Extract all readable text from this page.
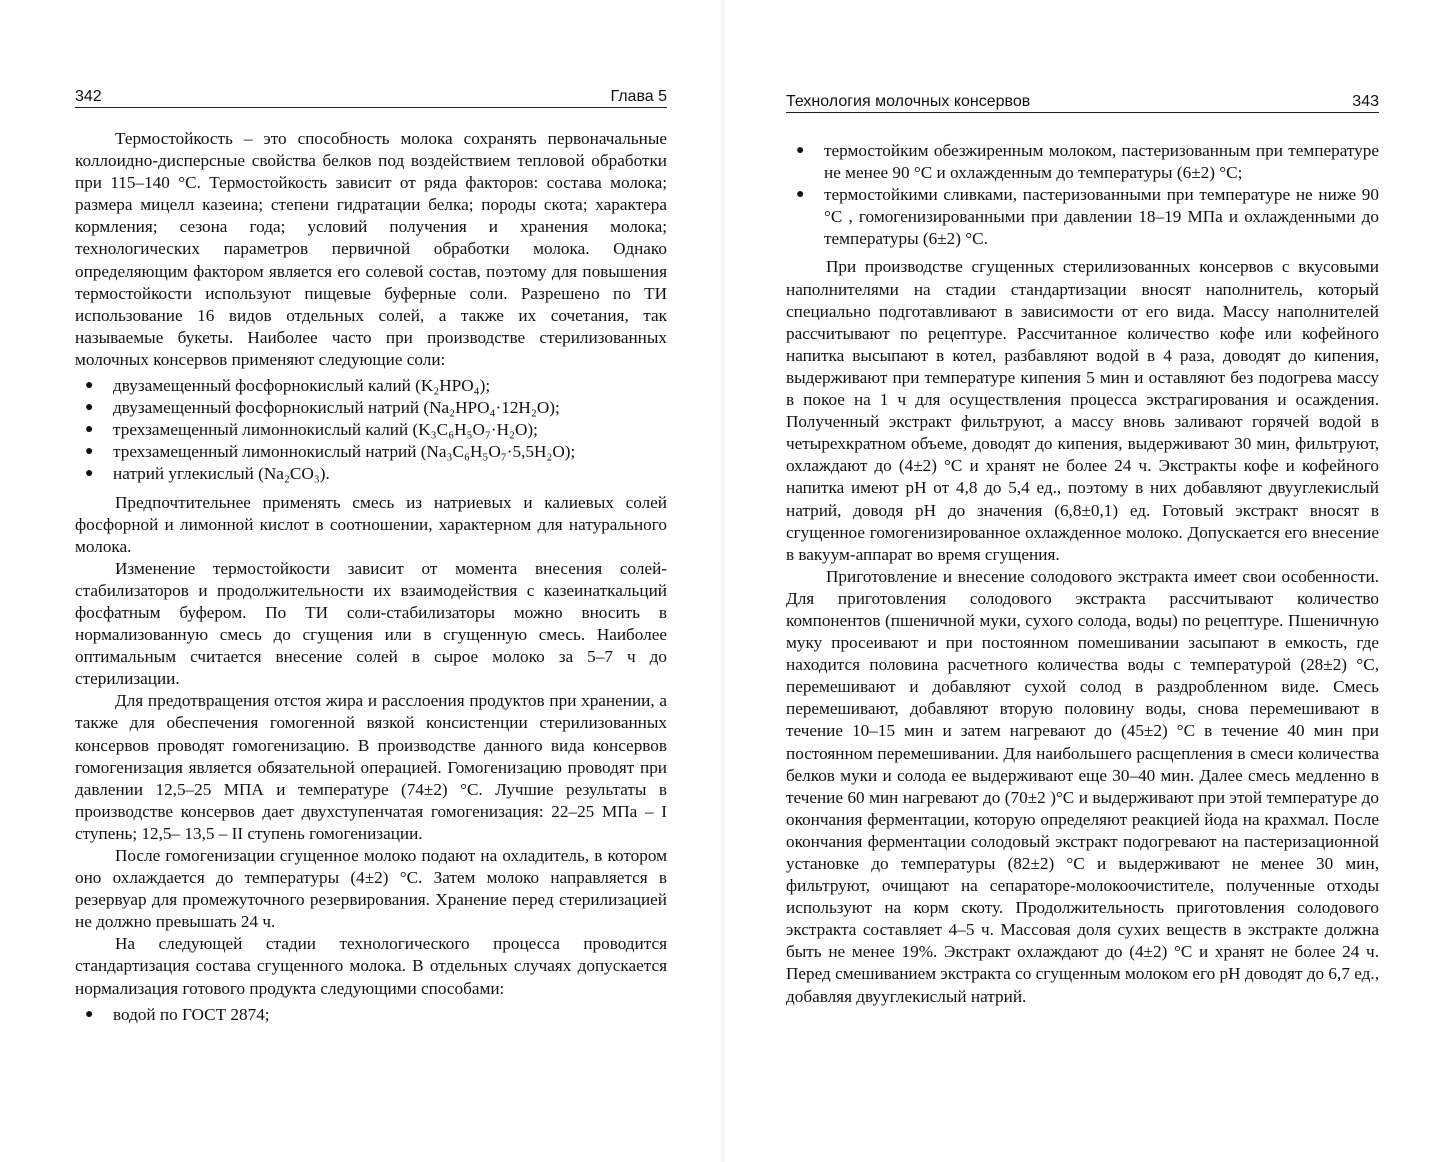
342	Глава 5

Термостойкость – это способность молока сохранять первоначальные коллоидно-дисперсные свойства белков под воздействием тепловой обработки при 115–140 °С. Термостойкость зависит от ряда факторов: состава молока; размера мицелл казеина; степени гидратации белка; породы скота; характера кормления; сезона года; условий получения и хранения молока; технологических параметров первичной обработки молока. Однако определяющим фактором является его солевой состав, поэтому для повышения термостойкости используют пищевые буферные соли. Разрешено по ТИ использование 16 видов отдельных солей, а также их сочетания, так называемые букеты. Наиболее часто при производстве стерилизованных молочных консервов применяют следующие соли:

● двузамещенный фосфорнокислый калий (K₂HPO₄);
● двузамещенный фосфорнокислый натрий (Na₂HPO₄·12H₂O);
● трехзамещенный лимоннокислый калий (K₃C₆H₅O₇·H₂O);
● трехзамещенный лимоннокислый натрий (Na₃C₆H₅O₇·5,5H₂O);
● натрий углекислый (Na₂CO₃).

Предпочтительнее применять смесь из натриевых и калиевых солей фосфорной и лимонной кислот в соотношении, характерном для натурального молока.

Изменение термостойкости зависит от момента внесения солей-стабилизаторов и продолжительности их взаимодействия с казеинаткальций фосфатным буфером. По ТИ соли-стабилизаторы можно вносить в нормализованную смесь до сгущения или в сгущенную смесь. Наиболее оптимальным считается внесение солей в сырое молоко за 5–7 ч до стерилизации.

Для предотвращения отстоя жира и расслоения продуктов при хранении, а также для обеспечения гомогенной вязкой консистенции стерилизованных консервов проводят гомогенизацию. В производстве данного вида консервов гомогенизация является обязательной операцией. Гомогенизацию проводят при давлении 12,5–25 МПА и температуре (74±2) °С. Лучшие результаты в производстве консервов дает двухступенчатая гомогенизация: 22–25 МПа – I ступень; 12,5– 13,5 – II ступень гомогенизации.

После гомогенизации сгущенное молоко подают на охладитель, в котором оно охлаждается до температуры (4±2) °С. Затем молоко направляется в резервуар для промежуточного резервирования. Хранение перед стерилизацией не должно превышать 24 ч.

На следующей стадии технологического процесса проводится стандартизация состава сгущенного молока. В отдельных случаях допускается нормализация готового продукта следующими способами:

● водой по ГОСТ 2874;
Технология молочных консервов	343
● термостойким обезжиренным молоком, пастеризованным при температуре не менее 90 °С и охлажденным до температуры (6±2) °С;
● термостойкими сливками, пастеризованными при температуре не ниже 90 °С , гомогенизированными при давлении 18–19 МПа и охлажденными до температуры (6±2) °С.

При производстве сгущенных стерилизованных консервов с вкусовыми наполнителями на стадии стандартизации вносят наполнитель, который специально подготавливают в зависимости от его вида. Массу наполнителей рассчитывают по рецептуре. Рассчитанное количество кофе или кофейного напитка высыпают в котел, разбавляют водой в 4 раза, доводят до кипения, выдерживают при температуре кипения 5 мин и оставляют без подогрева массу в покое на 1 ч для осуществления процесса экстрагирования и осаждения. Полученный экстракт фильтруют, а массу вновь заливают горячей водой в четырехкратном объеме, доводят до кипения, выдерживают 30 мин, фильтруют, охлаждают до (4±2) °С и хранят не более 24 ч. Экстракты кофе и кофейного напитка имеют pH от 4,8 до 5,4 ед., поэтому в них добавляют двууглекислый натрий, доводя pH до значения (6,8±0,1) ед. Готовый экстракт вносят в сгущенное гомогенизированное охлажденное молоко. Допускается его внесение в вакуум-аппарат во время сгущения.

Приготовление и внесение солодового экстракта имеет свои особенности. Для приготовления солодового экстракта рассчитывают количество компонентов (пшеничной муки, сухого солода, воды) по рецептуре. Пшеничную муку просеивают и при постоянном помешивании засыпают в емкость, где находится половина расчетного количества воды с температурой (28±2) °С, перемешивают и добавляют сухой солод в раздробленном виде. Смесь перемешивают, добавляют вторую половину воды, снова перемешивают в течение 10–15 мин и затем нагревают до (45±2) °С в течение 40 мин при постоянном перемешивании. Для наибольшего расщепления в смеси количества белков муки и солода ее выдерживают еще 30–40 мин. Далее смесь медленно в течение 60 мин нагревают до (70±2 )°С и выдерживают при этой температуре до окончания ферментации, которую определяют реакцией йода на крахмал. После окончания ферментации солодовый экстракт подогревают на пастеризационной установке до температуры (82±2) °С и выдерживают не менее 30 мин, фильтруют, очищают на сепараторе-молокоочистителе, полученные отходы используют на корм скоту. Продолжительность приготовления солодового экстракта составляет 4–5 ч. Массовая доля сухих веществ в экстракте должна быть не менее 19%. Экстракт охлаждают до (4±2) °С и хранят не более 24 ч. Перед смешиванием экстракта со сгущенным молоком его pH доводят до 6,7 ед., добавляя двууглекислый натрий.
